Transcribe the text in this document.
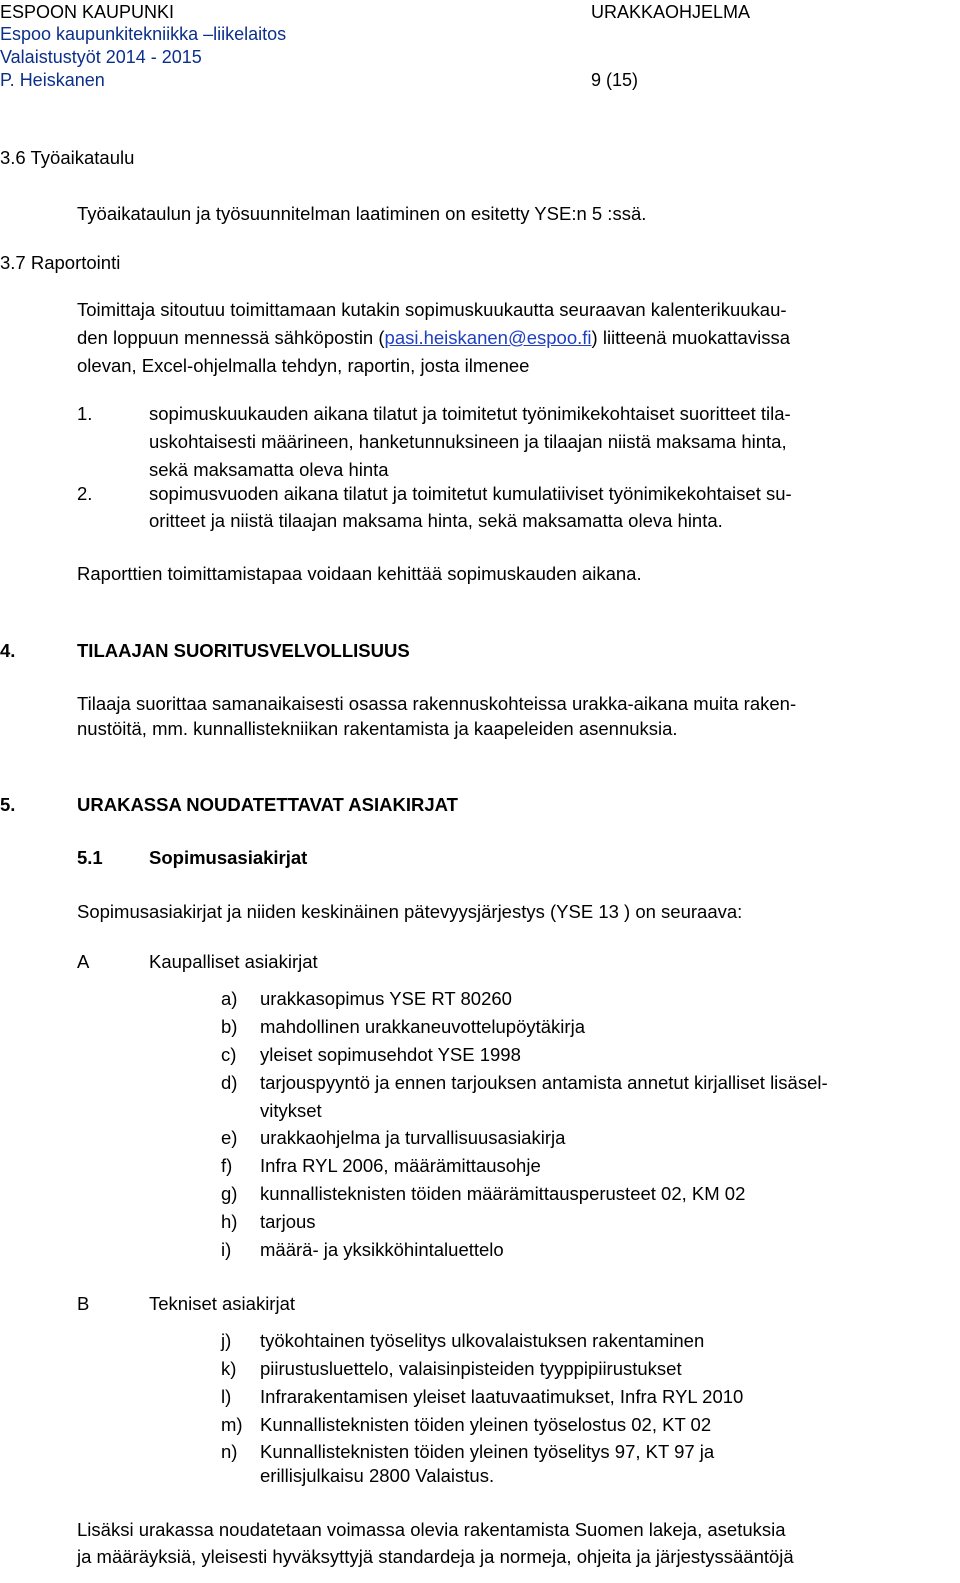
ESPOON KAUPUNKI	URAKKAOHJELMA
Espoo kaupunkitekniikka –liikelaitos
Valaistustyöt 2014 - 2015
P. Heiskanen	9 (15)
3.6 Työaikataulu
Työaikataulun ja työsuunnitelman laatiminen on esitetty YSE:n 5 :ssä.
3.7 Raportointi
Toimittaja sitoutuu toimittamaan kutakin sopimuskuukautta seuraavan kalenterikuukau-
den loppuun mennessä sähköpostin (pasi.heiskanen@espoo.fi) liitteenä muokattavissa
olevan, Excel-ohjelmalla tehdyn, raportin, josta ilmenee
1.	sopimuskuukauden aikana tilatut ja toimitetut työnimikekohtaiset suoritteet tila-
uskohtaisesti määrineen, hanketunnuksineen ja tilaajan niistä maksama hinta,
sekä maksamatta oleva hinta
2.	sopimusvuoden aikana tilatut ja toimitetut kumulatiiviset työnimikekohtaiset su-
oritteet ja niistä tilaajan maksama hinta, sekä maksamatta oleva hinta.
Raporttien toimittamistapaa voidaan kehittää sopimuskauden aikana.
4.	TILAAJAN SUORITUSVELVOLLISUUS
Tilaaja suorittaa samanaikaisesti osassa rakennuskohteissa urakka-aikana muita raken-
nustöitä, mm. kunnallistekniikan rakentamista ja kaapeleiden asennuksia.
5.	URAKASSA NOUDATETTAVAT ASIAKIRJAT
5.1	Sopimusasiakirjat
Sopimusasiakirjat ja niiden keskinäinen pätevyysjärjestys (YSE 13 ) on seuraava:
A	Kaupalliset asiakirjat
a) urakkasopimus YSE RT 80260
b) mahdollinen urakkaneuvottelupöytäkirja
c) yleiset sopimusehdot YSE 1998
d) tarjouspyyntö ja ennen tarjouksen antamista annetut kirjalliset lisäsel-
vitykset
e) urakkaohjelma ja turvallisuusasiakirja
f) Infra RYL 2006, määrämittausohje
g) kunnallisteknisten töiden määrämittausperusteet 02, KM 02
h) tarjous
i) määrä- ja yksikköhintaluettelo
B	Tekniset asiakirjat
j) työkohtainen työselitys ulkovalaistuksen rakentaminen
k) piirustusluettelo, valaisinpisteiden tyyppipiirustukset
l) Infrarakentamisen yleiset laatuvaatimukset, Infra RYL 2010
m) Kunnallisteknisten töiden yleinen työselostus 02, KT 02
n) Kunnallisteknisten töiden yleinen työselitys 97, KT 97 ja
erillisjulkaisu 2800 Valaistus.
Lisäksi urakassa noudatetaan voimassa olevia rakentamista Suomen lakeja, asetuksia
ja määräyksiä, yleisesti hyväksyttyjä standardeja ja normeja, ohjeita ja järjestyssääntöjä
